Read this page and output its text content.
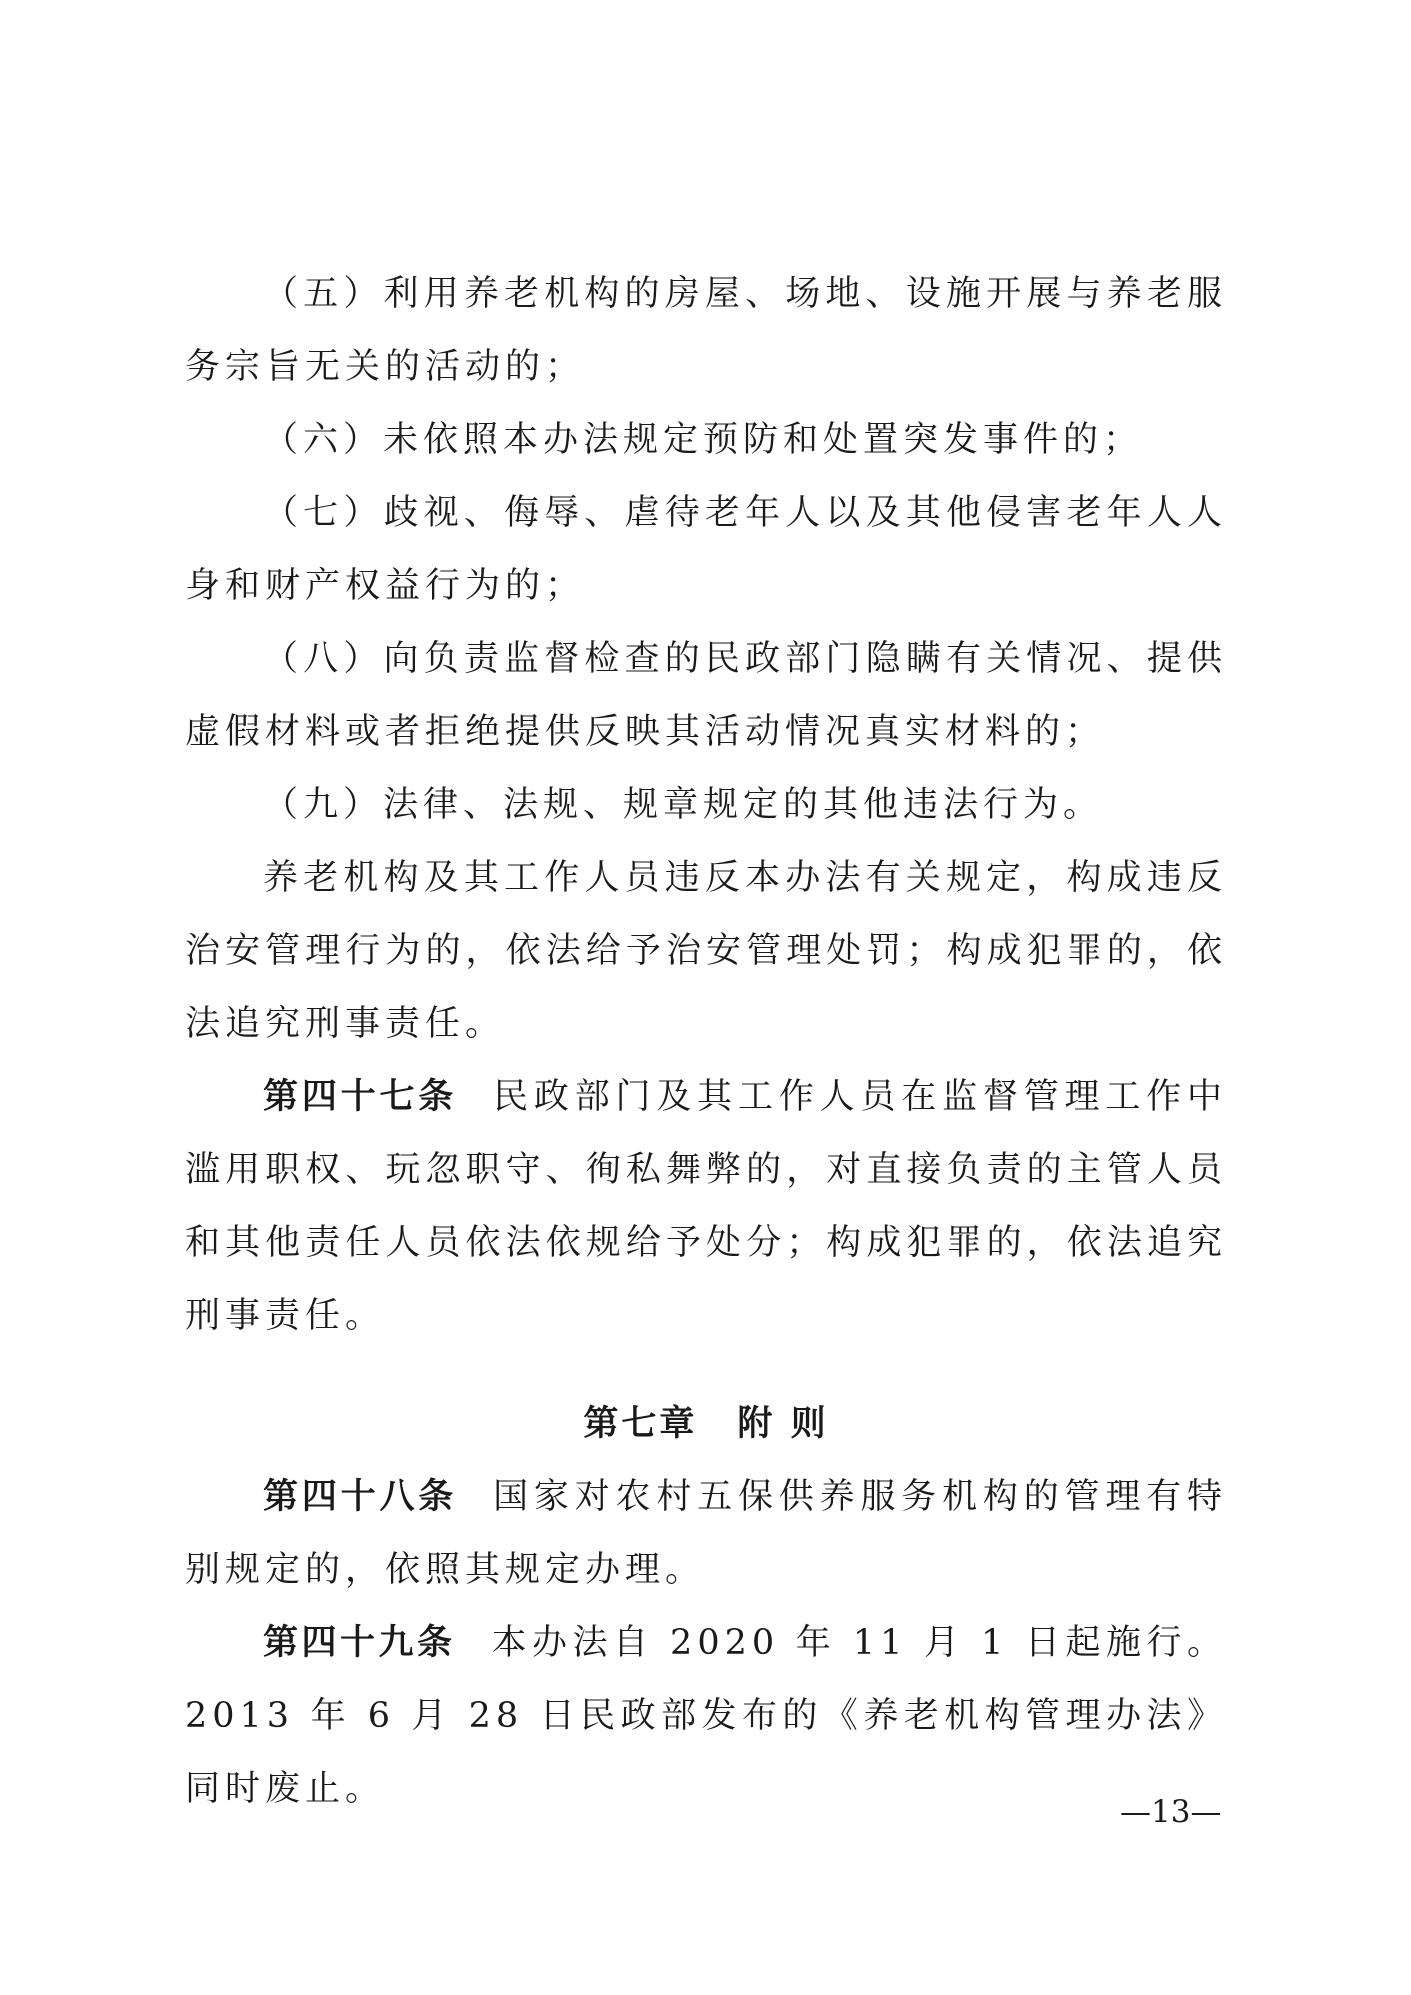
（五）利用养老机构的房屋、场地、设施开展与养老服务宗旨无关的活动的；

（六）未依照本办法规定预防和处置突发事件的；

（七）歧视、侮辱、虐待老年人以及其他侵害老年人人身和财产权益行为的；

（八）向负责监督检查的民政部门隐瞒有关情况、提供虚假材料或者拒绝提供反映其活动情况真实材料的；

（九）法律、法规、规章规定的其他违法行为。

养老机构及其工作人员违反本办法有关规定，构成违反治安管理行为的，依法给予治安管理处罚；构成犯罪的，依法追究刑事责任。

第四十七条 民政部门及其工作人员在监督管理工作中滥用职权、玩忽职守、徇私舞弊的，对直接负责的主管人员和其他责任人员依法依规给予处分；构成犯罪的，依法追究刑事责任。

第七章 附 则

第四十八条 国家对农村五保供养服务机构的管理有特别规定的，依照其规定办理。

第四十九条 本办法自 2020 年 11 月 1 日起施行。2013 年 6 月 28 日民政部发布的《养老机构管理办法》同时废止。

—13—
